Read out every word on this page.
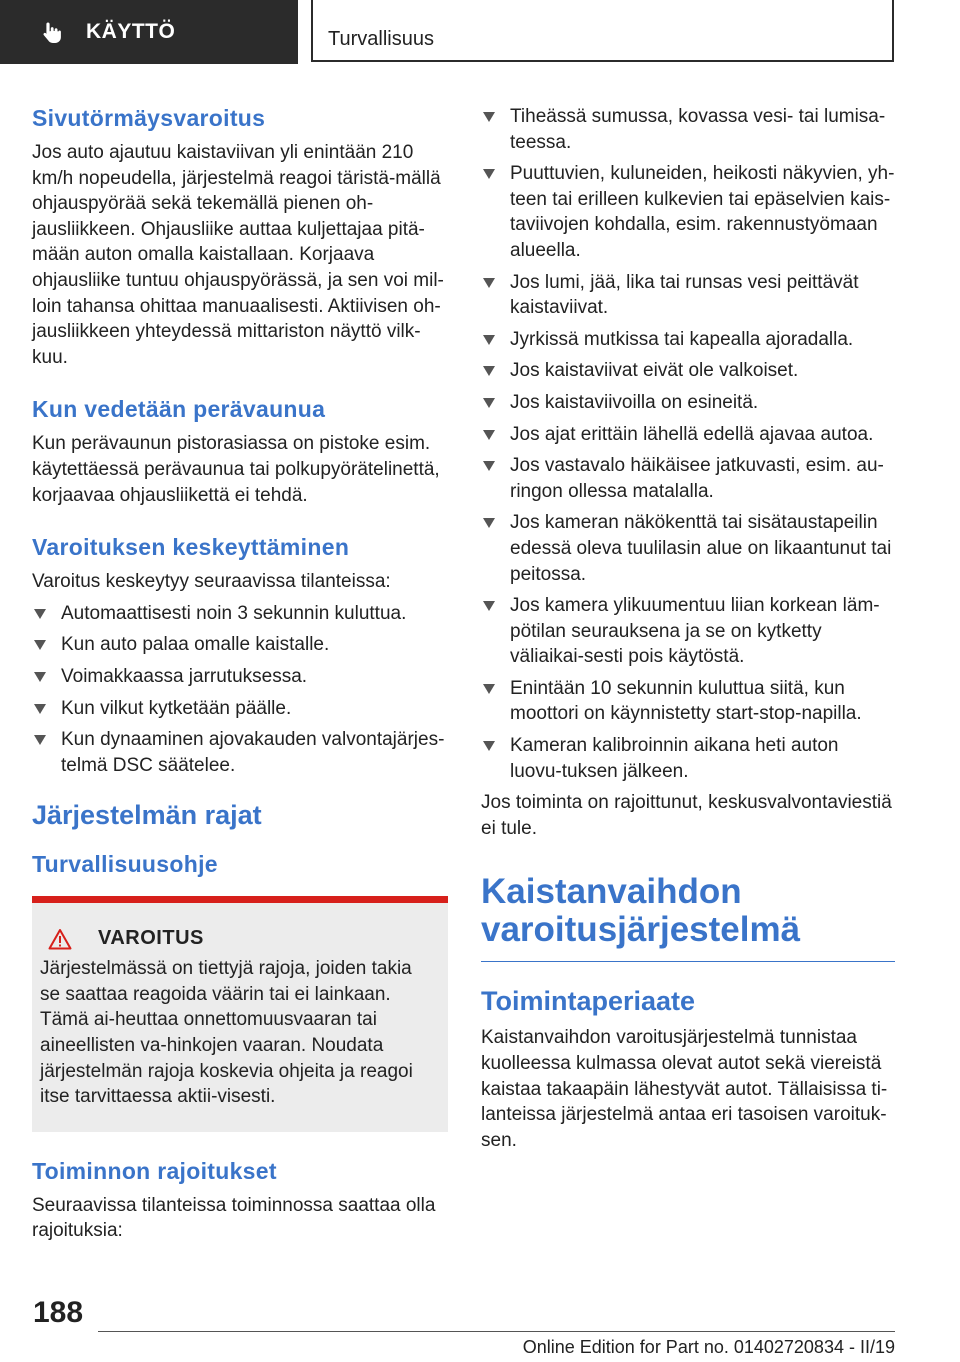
KÄYTTÖ	Turvallisuus
Sivutörmäysvaroitus

Jos auto ajautuu kaistaviivan yli enintään 210 km/h nopeudella, järjestelmä reagoi täristä-mällä ohjauspyörää sekä tekemällä pienen oh-jausliikkeen. Ohjausliike auttaa kuljettajaa pitä-mään auton omalla kaistallaan. Korjaava ohjausliike tuntuu ohjauspyörässä, ja sen voi mil-loin tahansa ohittaa manuaalisesti. Aktiivisen oh-jausliikkeen yhteydessä mittariston näyttö vilk-kuu.

Kun vedetään perävaunua

Kun perävaunun pistorasiassa on pistoke esim. käytettäessä perävaunua tai polkupyörätelinettä, korjaavaa ohjausliikettä ei tehdä.

Varoituksen keskeyttäminen

Varoitus keskeytyy seuraavissa tilanteissa:

Automaattisesti noin 3 sekunnin kuluttua.
Kun auto palaa omalle kaistalle.
Voimakkaassa jarrutuksessa.
Kun vilkut kytketään päälle.
Kun dynaaminen ajovakauden valvontajärjes-telmä DSC säätelee.
Järjestelmän rajat
Turvallisuusohje
VAROITUS

Järjestelmässä on tiettyjä rajoja, joiden takia se saattaa reagoida väärin tai ei lainkaan. Tämä ai-heuttaa onnettomuusvaaran tai aineellisten va-hinkojen vaaran. Noudata järjestelmän rajoja koskevia ohjeita ja reagoi itse tarvittaessa aktii-visesti.

Toiminnon rajoitukset

Seuraavissa tilanteissa toiminnossa saattaa olla rajoituksia:

Tiheässä sumussa, kovassa vesi- tai lumisa-teessa.
Puuttuvien, kuluneiden, heikosti näkyvien, yh-teen tai erilleen kulkevien tai epäselvien kais-taviivojen kohdalla, esim. rakennustyömaan alueella.
Jos lumi, jää, lika tai runsas vesi peittävät kaistaviivat.
Jyrkissä mutkissa tai kapealla ajoradalla.
Jos kaistaviivat eivät ole valkoiset.
Jos kaistaviivoilla on esineitä.
Jos ajat erittäin lähellä edellä ajavaa autoa.
Jos vastavalo häikäisee jatkuvasti, esim. au-ringon ollessa matalalla.
Jos kameran näkökenttä tai sisätaustapeilin edessä oleva tuulilasin alue on likaantunut tai peitossa.
Jos kamera ylikuumentuu liian korkean läm-pötilan seurauksena ja se on kytketty väliaikai-sesti pois käytöstä.
Enintään 10 sekunnin kuluttua siitä, kun moottori on käynnistetty start-stop-napilla.
Kameran kalibroinnin aikana heti auton luovu-tuksen jälkeen.

Jos toiminta on rajoittunut, keskusvalvontaviestiä ei tule.

Kaistanvaihdon
varoitusjärjestelmä
Toimintaperiaate

Kaistanvaihdon varoitusjärjestelmä tunnistaa kuolleessa kulmassa olevat autot sekä viereistä kaistaa takaapäin lähestyvät autot. Tällaisissa ti-lanteissa järjestelmä antaa eri tasoisen varoituk-sen.

188
Online Edition for Part no. 01402720834 - II/19
